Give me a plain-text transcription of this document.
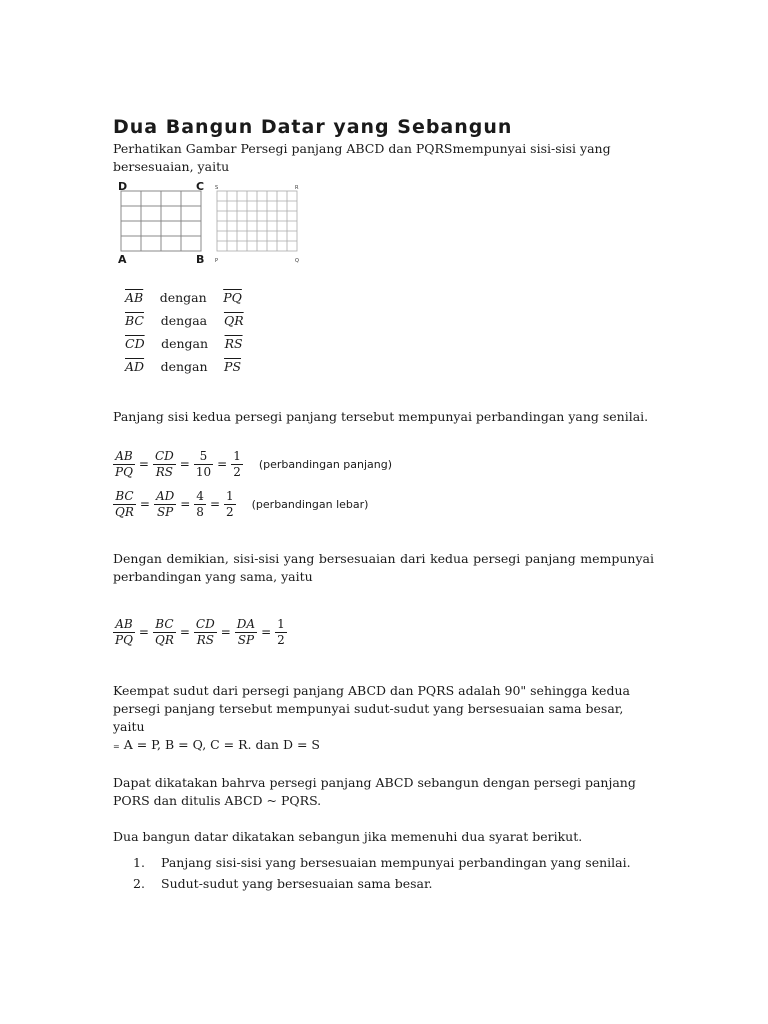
Dua Bangun Datar yang Sebangun

Perhatikan Gambar Persegi panjang ABCD dan PQRSmempunyai sisi-sisi yang bersesuaian, yaitu

D	C
A	B
S	R
P	Q
$\overline{AB}$ dengan $\overline{PQ}$
$\overline{BC}$ dengaa $\overline{QR}$
$\overline{CD}$ dengan $\overline{RS}$
$\overline{AD}$ dengan $\overline{PS}$

Panjang sisi kedua persegi panjang tersebut mempunyai perbandingan yang senilai.

$\frac{AB}{PQ} = \frac{CD}{RS} = \frac{5}{10} = \frac{1}{2}$ (perbandingan panjang)
$\frac{BC}{QR} = \frac{AD}{SP} = \frac{4}{8} = \frac{1}{2}$ (perbandingan lebar)

Dengan demikian, sisi-sisi yang bersesuaian dari kedua persegi panjang mempunyai perbandingan yang sama, yaitu

$\frac{AB}{PQ} = \frac{BC}{QR} = \frac{CD}{RS} = \frac{DA}{SP} = \frac{1}{2}$

Keempat sudut dari persegi panjang ABCD dan PQRS adalah 90" sehingga kedua persegi panjang tersebut mempunyai sudut-sudut yang bersesuaian sama besar, yaitu

= A = P, B = Q, C = R. dan D = S

Dapat dikatakan bahrva persegi panjang ABCD sebangun dengan persegi panjang PORS dan ditulis ABCD ~ PQRS.

Dua bangun datar dikatakan sebangun jika memenuhi dua syarat berikut.

1.	Panjang sisi-sisi yang bersesuaian mempunyai perbandingan yang senilai.
2.	Sudut-sudut yang bersesuaian sama besar.
